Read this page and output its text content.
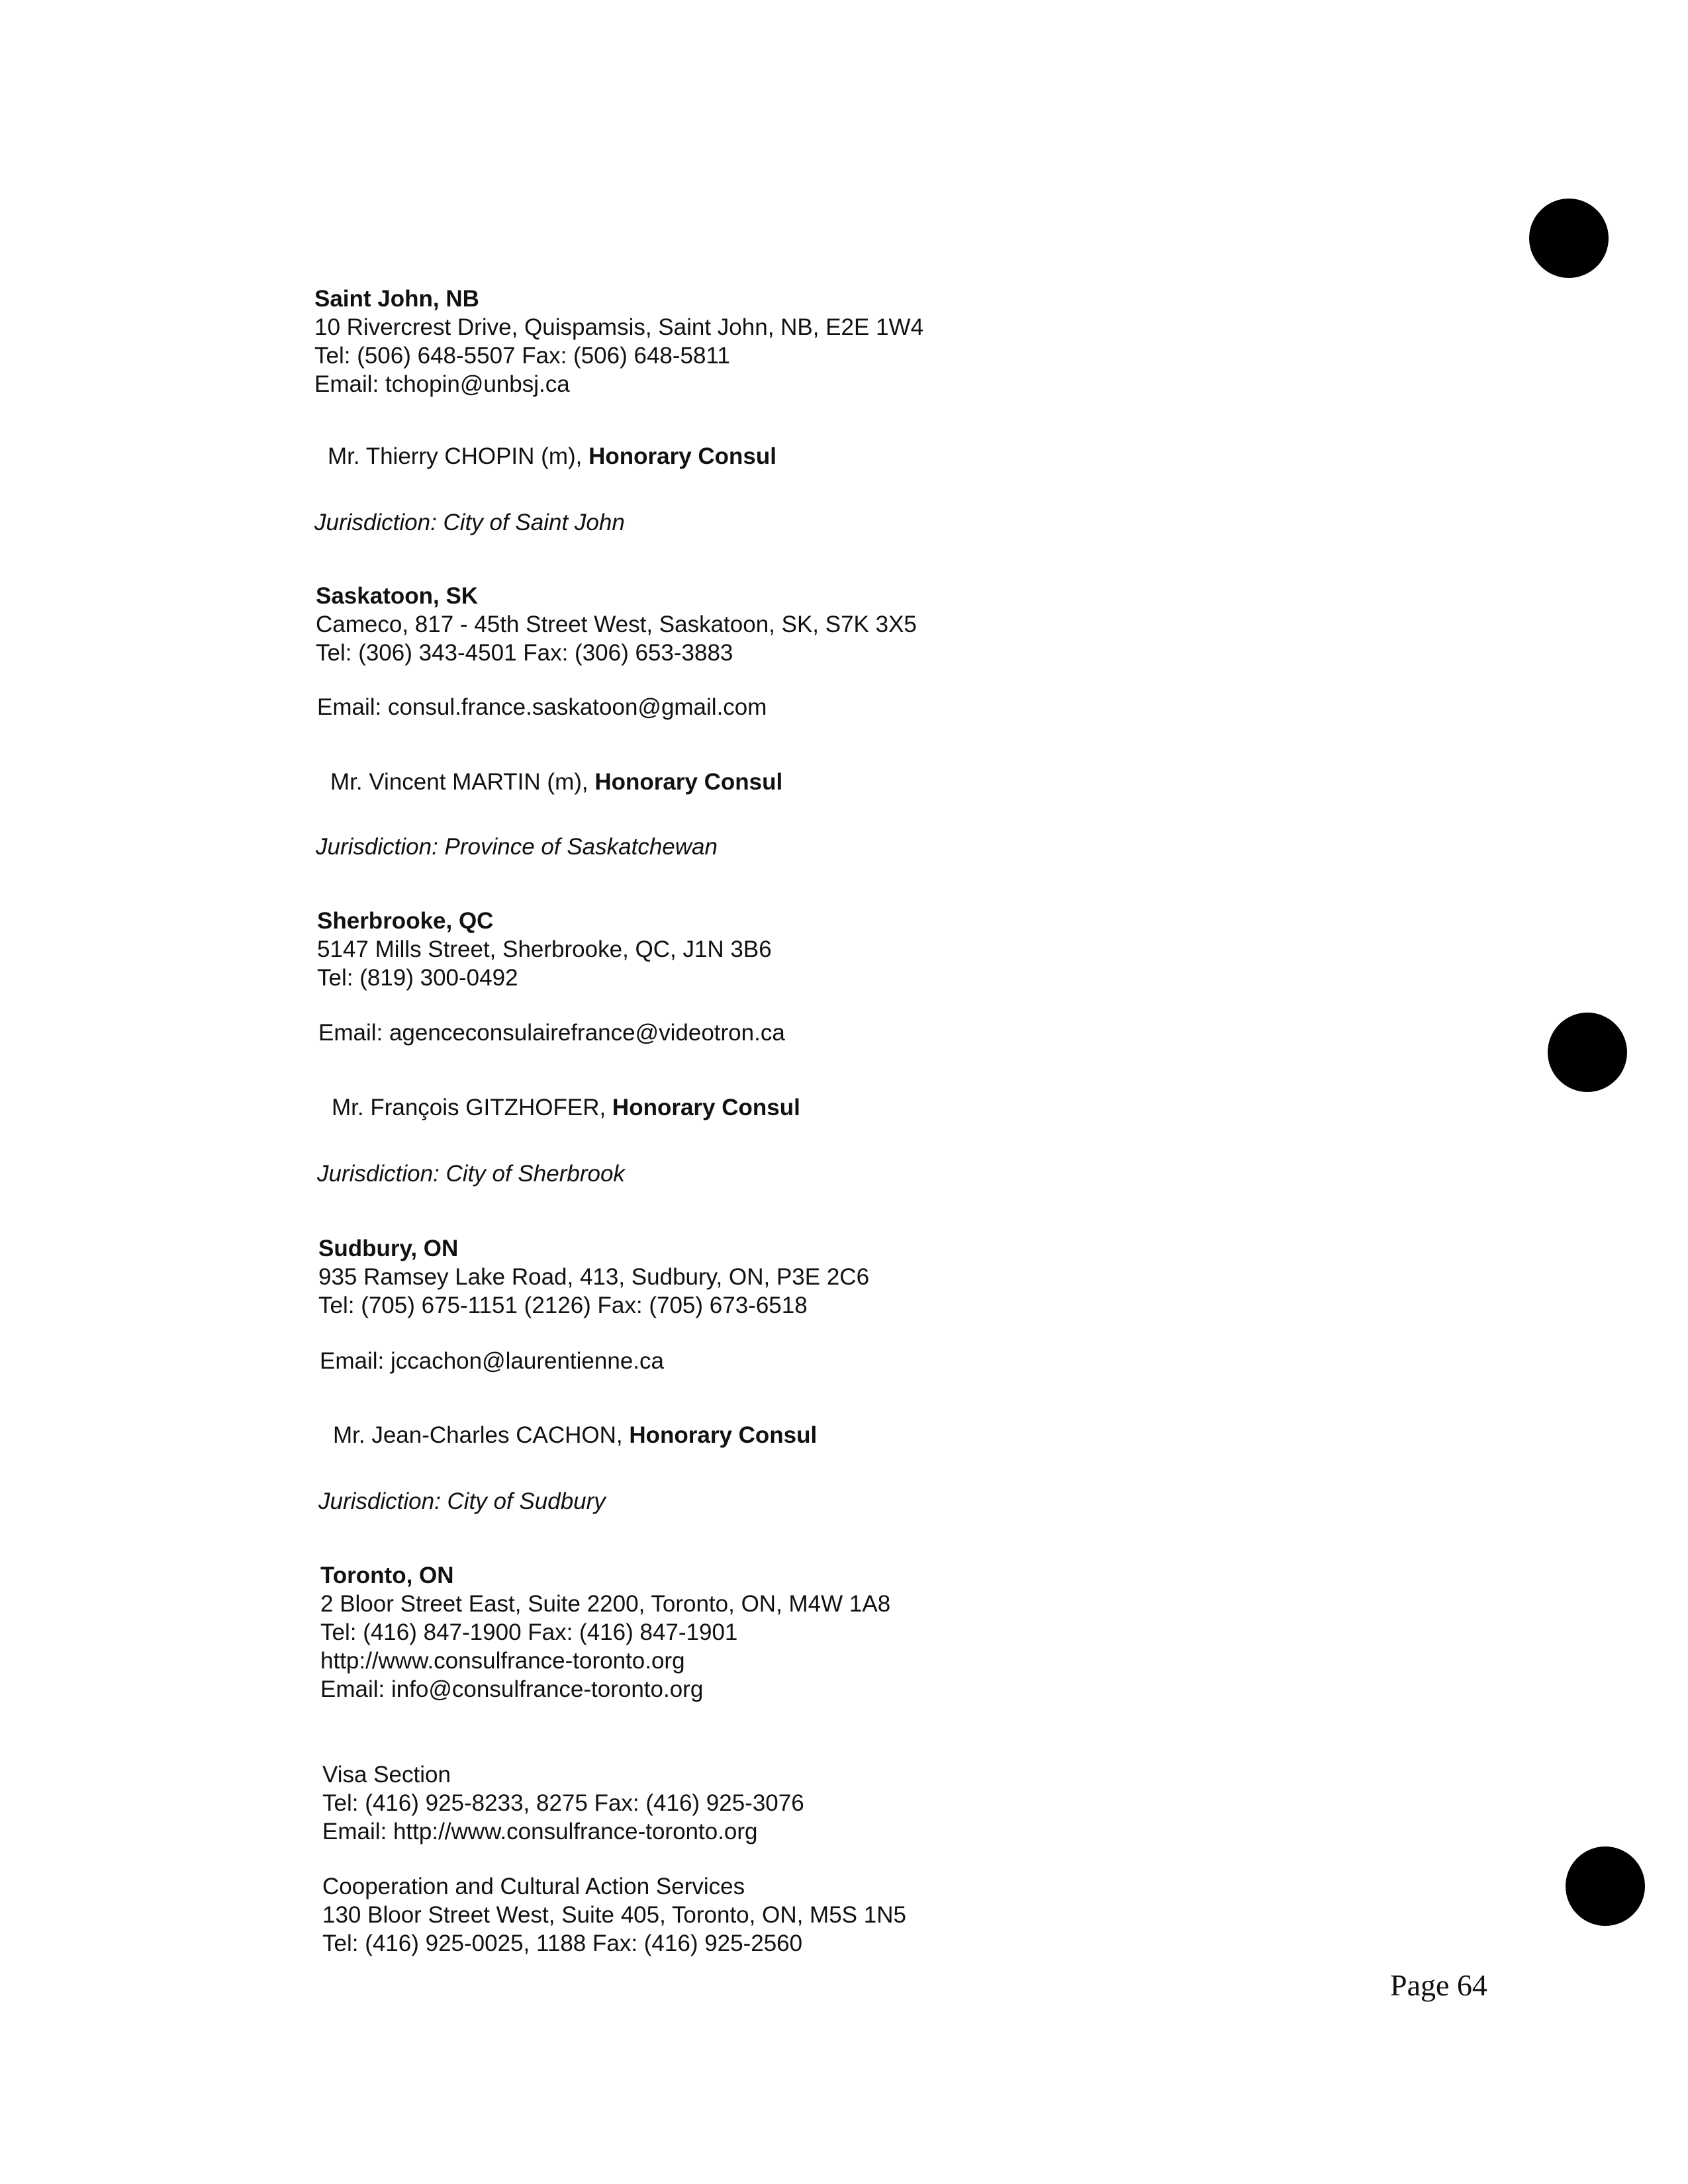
Saint John, NB
10 Rivercrest Drive, Quispamsis, Saint John, NB, E2E 1W4
Tel: (506) 648-5507 Fax: (506) 648-5811
Email: tchopin@unbsj.ca
Mr. Thierry CHOPIN (m), Honorary Consul
Jurisdiction: City of Saint John
Saskatoon, SK
Cameco, 817 - 45th Street West, Saskatoon, SK, S7K 3X5
Tel: (306) 343-4501 Fax: (306) 653-3883
Email: consul.france.saskatoon@gmail.com
Mr. Vincent MARTIN (m), Honorary Consul
Jurisdiction: Province of Saskatchewan
Sherbrooke, QC
5147 Mills Street, Sherbrooke, QC, J1N 3B6
Tel: (819) 300-0492
Email: agenceconsulairefrance@videotron.ca
Mr. François GITZHOFER, Honorary Consul
Jurisdiction: City of Sherbrook
Sudbury, ON
935 Ramsey Lake Road, 413, Sudbury, ON, P3E 2C6
Tel: (705) 675-1151 (2126) Fax: (705) 673-6518
Email: jccachon@laurentienne.ca
Mr. Jean-Charles CACHON, Honorary Consul
Jurisdiction: City of Sudbury
Toronto, ON
2 Bloor Street East, Suite 2200, Toronto, ON, M4W 1A8
Tel: (416) 847-1900 Fax: (416) 847-1901
http://www.consulfrance-toronto.org
Email: info@consulfrance-toronto.org
Visa Section
Tel: (416) 925-8233, 8275 Fax: (416) 925-3076
Email: http://www.consulfrance-toronto.org
Cooperation and Cultural Action Services
130 Bloor Street West, Suite 405, Toronto, ON, M5S 1N5
Tel: (416) 925-0025, 1188 Fax: (416) 925-2560
Page 64
